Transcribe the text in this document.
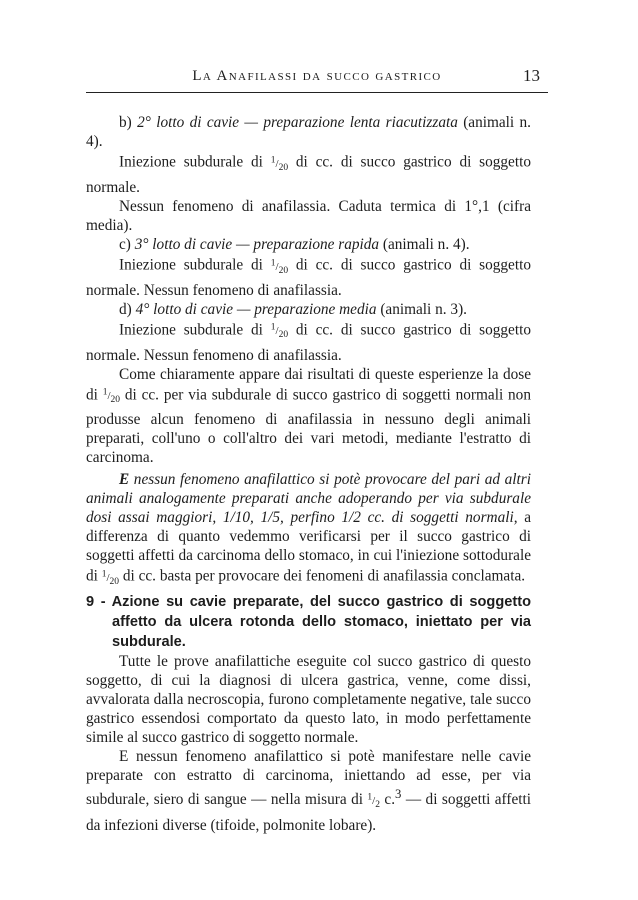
La Anafilassi da succo gastrico	13

b) 2° lotto di cavie — preparazione lenta riacutizzata (animali n. 4).

Iniezione subdurale di $^1/_{20}$ di cc. di succo gastrico di soggetto normale.

Nessun fenomeno di anafilassia. Caduta termica di 1°,1 (cifra media).

c) 3° lotto di cavie — preparazione rapida (animali n. 4).

Iniezione subdurale di $^1/_{20}$ di cc. di succo gastrico di soggetto normale. Nessun fenomeno di anafilassia.

d) 4° lotto di cavie — preparazione media (animali n. 3).

Iniezione subdurale di $^1/_{20}$ di cc. di succo gastrico di soggetto normale. Nessun fenomeno di anafilassia.

Come chiaramente appare dai risultati di queste esperienze la dose di $^1/_{20}$ di cc. per via subdurale di succo gastrico di soggetti normali non produsse alcun fenomeno di anafilassia in nessuno degli animali preparati, coll'uno o coll'altro dei vari metodi, mediante l'estratto di carcinoma.

E nessun fenomeno anafilattico si potè provocare del pari ad altri animali analogamente preparati anche adoperando per via subdurale dosi assai maggiori, 1/10, 1/5, perfino 1/2 cc. di soggetti normali, a differenza di quanto vedemmo verificarsi per il succo gastrico di soggetti affetti da carcinoma dello stomaco, in cui l'iniezione sottodurale di $^1/_{20}$ di cc. basta per provocare dei fenomeni di anafilassia conclamata.

9 - Azione su cavie preparate, del succo gastrico di soggetto affetto da ulcera rotonda dello stomaco, iniettato per via subdurale.

Tutte le prove anafilattiche eseguite col succo gastrico di questo soggetto, di cui la diagnosi di ulcera gastrica, venne, come dissi, avvalorata dalla necroscopia, furono completamente negative, tale succo gastrico essendosi comportato da questo lato, in modo perfettamente simile al succo gastrico di soggetto normale.

E nessun fenomeno anafilattico si potè manifestare nelle cavie preparate con estratto di carcinoma, iniettando ad esse, per via subdurale, siero di sangue — nella misura di $^1/_2$ c.$^3$ — di soggetti affetti da infezioni diverse (tifoide, polmonite lobare).
